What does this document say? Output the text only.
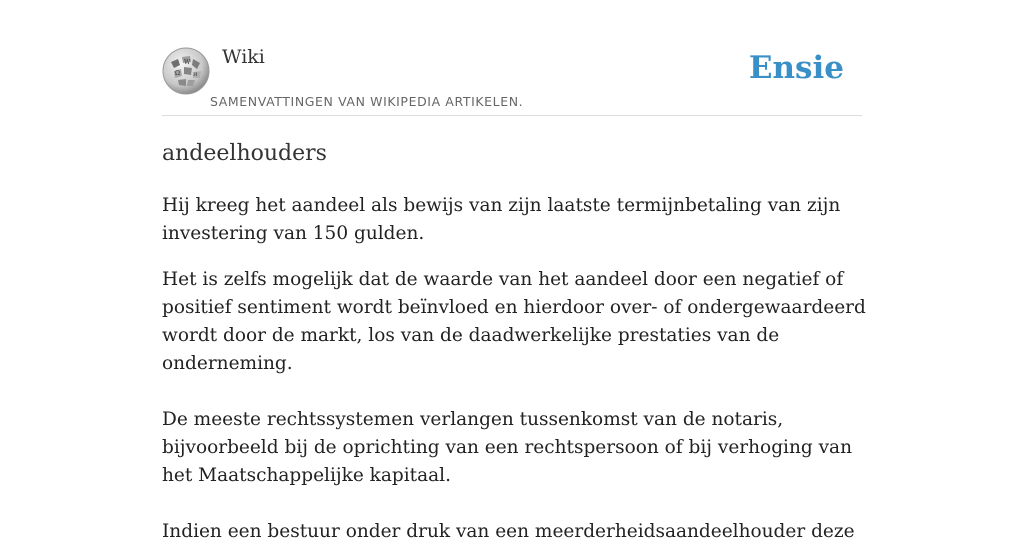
W
Ω	И
Wiki
SAMENVATTINGEN VAN WIKIPEDIA ARTIKELEN.
Ensie
andeelhouders

Hij kreeg het aandeel als bewijs van zijn laatste termijnbetaling van zijn investering van 150 gulden.

Het is zelfs mogelijk dat de waarde van het aandeel door een negatief of positief sentiment wordt beïnvloed en hierdoor over- of ondergewaardeerd wordt door de markt, los van de daadwerkelijke prestaties van de onderneming.

De meeste rechtssystemen verlangen tussenkomst van de notaris, bijvoorbeeld bij de oprichting van een rechtspersoon of bij verhoging van het Maatschappelijke kapitaal.

Indien een bestuur onder druk van een meerderheidsaandeelhouder deze
